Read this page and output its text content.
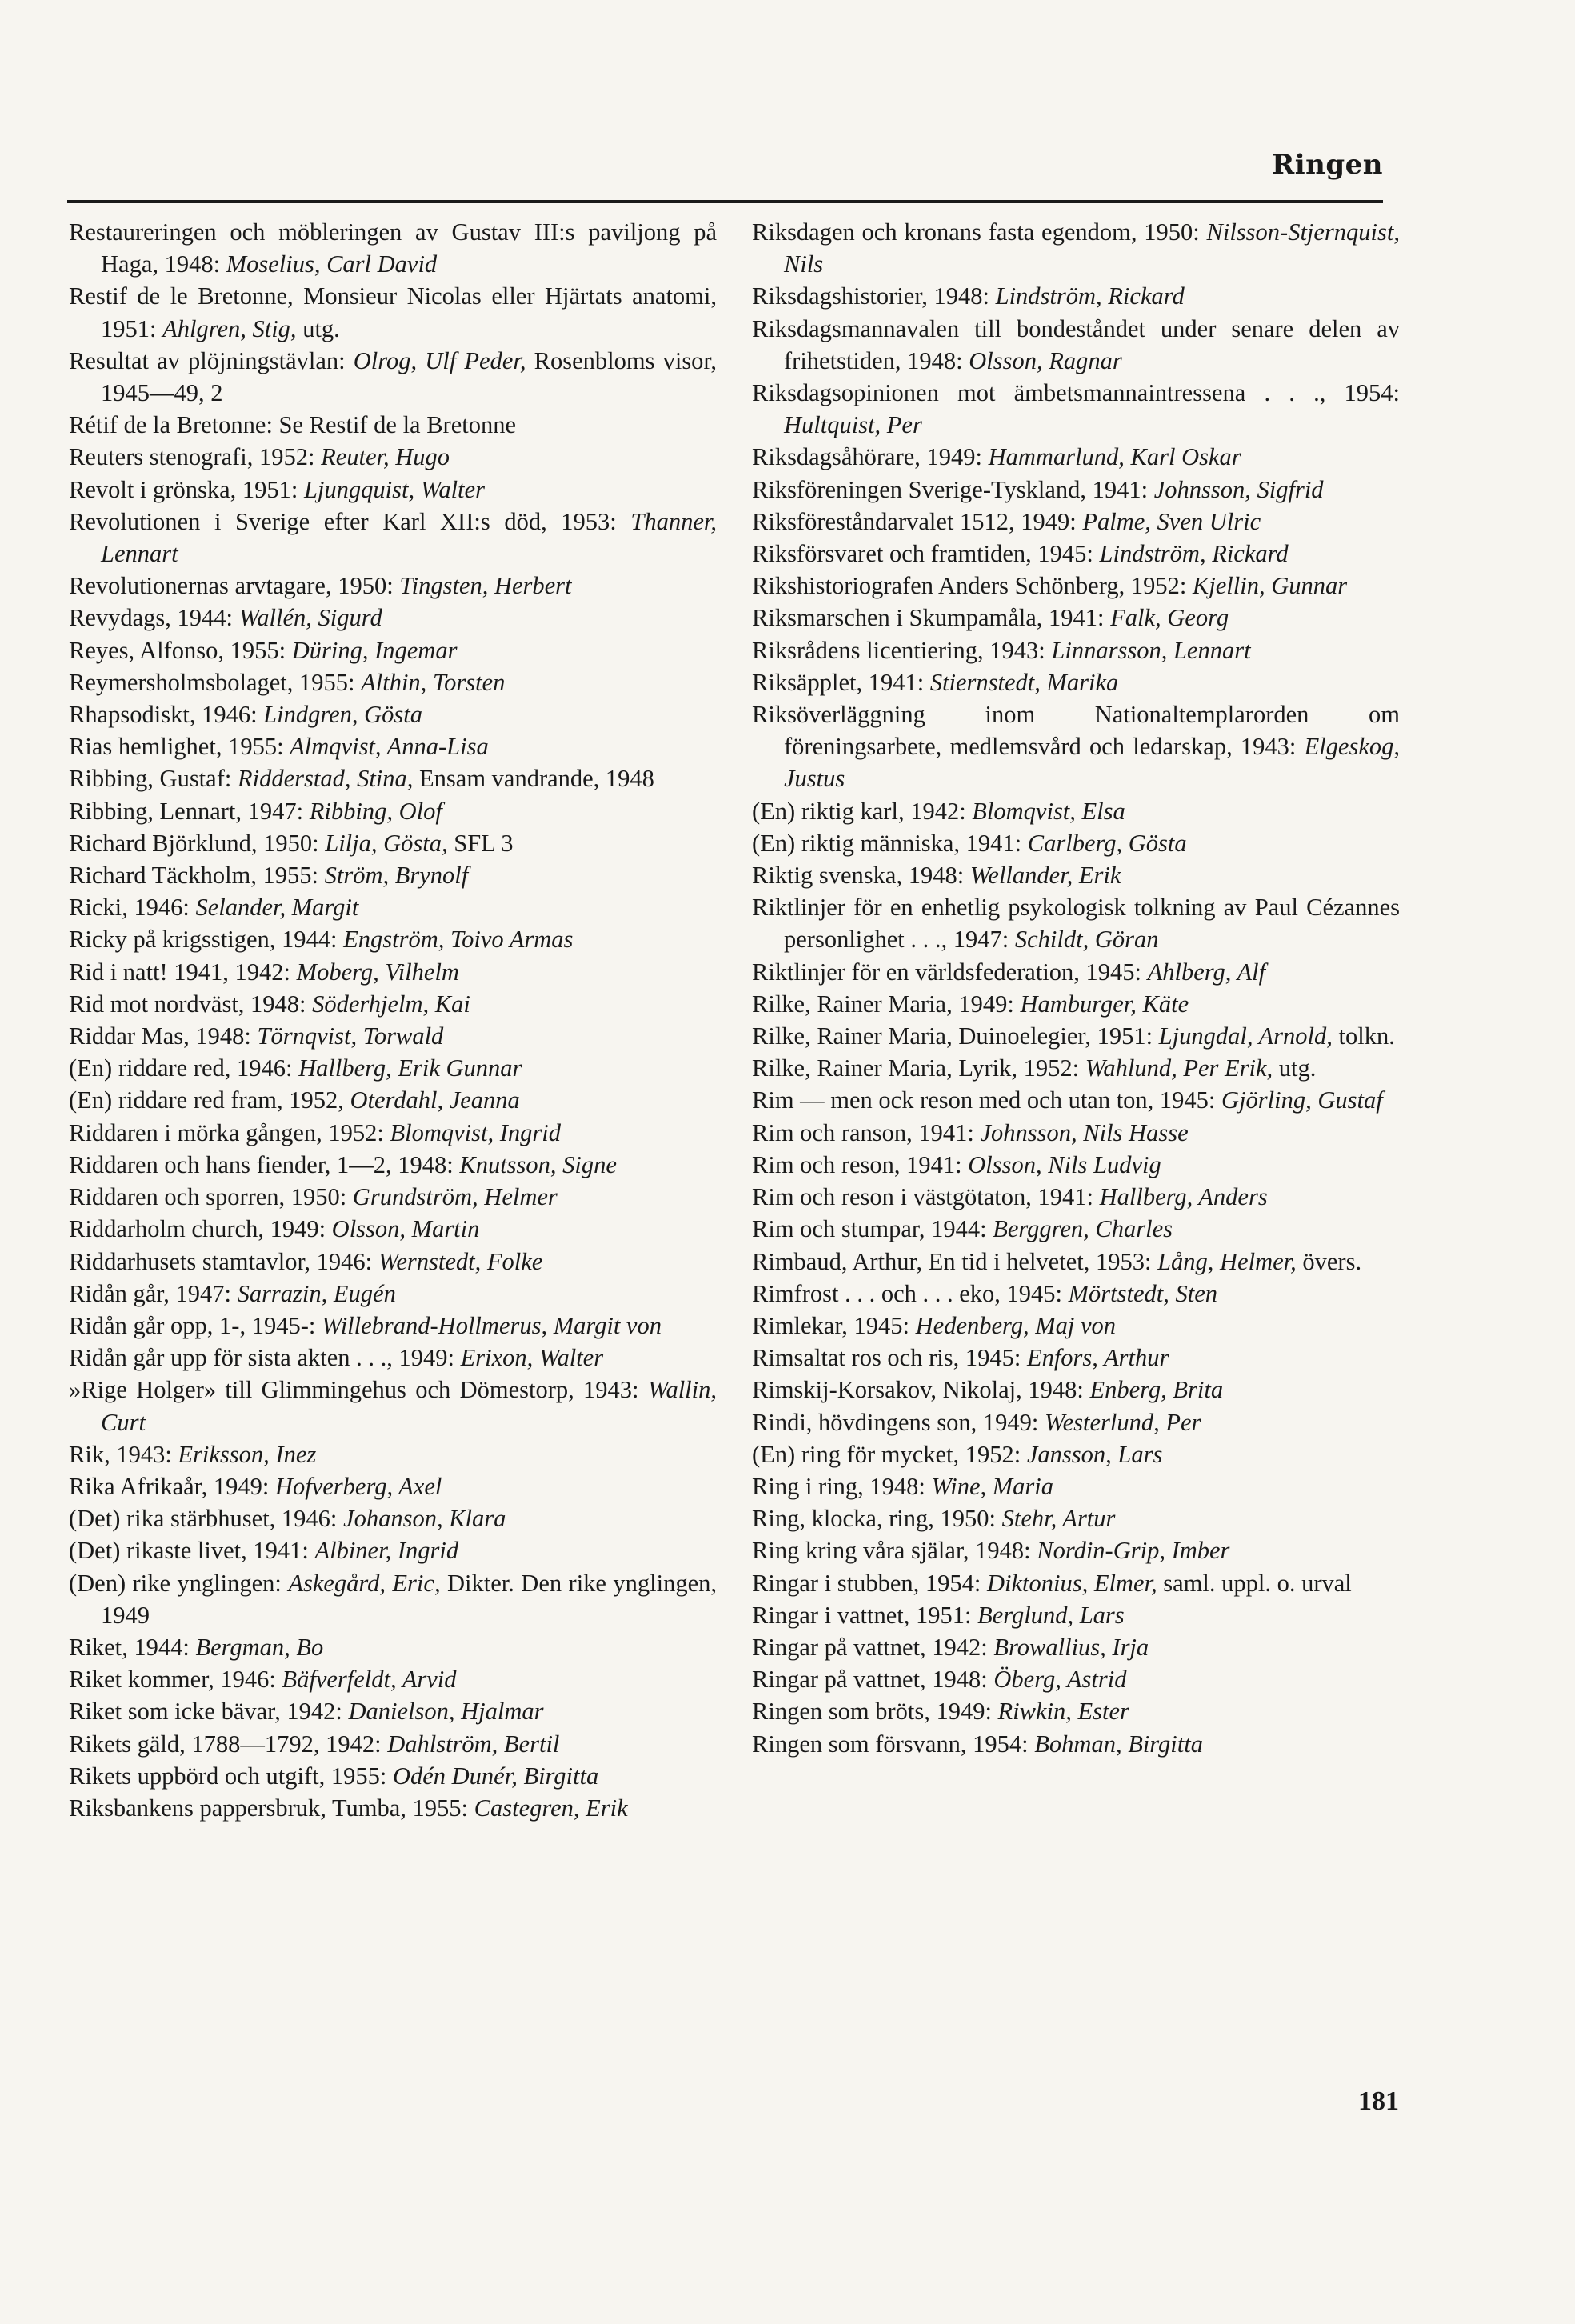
Ringen
Restaureringen och möbleringen av Gustav III:s paviljong på Haga, 1948: Moselius, Carl David
Restif de le Bretonne, Monsieur Nicolas eller Hjärtats anatomi, 1951: Ahlgren, Stig, utg.
Resultat av plöjningstävlan: Olrog, Ulf Peder, Rosenbloms visor, 1945—49, 2
Rétif de la Bretonne: Se Restif de la Bretonne
Reuters stenografi, 1952: Reuter, Hugo
Revolt i grönska, 1951: Ljungquist, Walter
Revolutionen i Sverige efter Karl XII:s död, 1953: Thanner, Lennart
Revolutionernas arvtagare, 1950: Tingsten, Herbert
Revydags, 1944: Wallén, Sigurd
Reyes, Alfonso, 1955: Düring, Ingemar
Reymersholmsbolaget, 1955: Althin, Torsten
Rhapsodiskt, 1946: Lindgren, Gösta
Rias hemlighet, 1955: Almqvist, Anna-Lisa
Ribbing, Gustaf: Ridderstad, Stina, Ensam vandrande, 1948
Ribbing, Lennart, 1947: Ribbing, Olof
Richard Björklund, 1950: Lilja, Gösta, SFL 3
Richard Täckholm, 1955: Ström, Brynolf
Ricki, 1946: Selander, Margit
Ricky på krigsstigen, 1944: Engström, Toivo Armas
Rid i natt! 1941, 1942: Moberg, Vilhelm
Rid mot nordväst, 1948: Söderhjelm, Kai
Riddar Mas, 1948: Törnqvist, Torwald
(En) riddare red, 1946: Hallberg, Erik Gunnar
(En) riddare red fram, 1952, Oterdahl, Jeanna
Riddaren i mörka gången, 1952: Blomqvist, Ingrid
Riddaren och hans fiender, 1—2, 1948: Knutsson, Signe
Riddaren och sporren, 1950: Grundström, Helmer
Riddarholm church, 1949: Olsson, Martin
Riddarhusets stamtavlor, 1946: Wernstedt, Folke
Ridån går, 1947: Sarrazin, Eugén
Ridån går opp, 1-, 1945-: Willebrand-Hollmerus, Margit von
Ridån går upp för sista akten . . ., 1949: Erixon, Walter
»Rige Holger» till Glimmingehus och Dömestorp, 1943: Wallin, Curt
Rik, 1943: Eriksson, Inez
Rika Afrikaår, 1949: Hofverberg, Axel
(Det) rika stärbhuset, 1946: Johanson, Klara
(Det) rikaste livet, 1941: Albiner, Ingrid
(Den) rike ynglingen: Askegård, Eric, Dikter. Den rike ynglingen, 1949
Riket, 1944: Bergman, Bo
Riket kommer, 1946: Bäfverfeldt, Arvid
Riket som icke bävar, 1942: Danielson, Hjalmar
Rikets gäld, 1788—1792, 1942: Dahlström, Bertil
Rikets uppbörd och utgift, 1955: Odén Dunér, Birgitta
Riksbankens pappersbruk, Tumba, 1955: Castegren, Erik
Riksdagen och kronans fasta egendom, 1950: Nilsson-Stjernquist, Nils
Riksdagshistorier, 1948: Lindström, Rickard
Riksdagsmannavalen till bondeståndet under senare delen av frihetstiden, 1948: Olsson, Ragnar
Riksdagsopinionen mot ämbetsmannaintressena . . ., 1954: Hultquist, Per
Riksdagsåhörare, 1949: Hammarlund, Karl Oskar
Riksföreningen Sverige-Tyskland, 1941: Johnsson, Sigfrid
Riksföreståndarvalet 1512, 1949: Palme, Sven Ulric
Riksförsvaret och framtiden, 1945: Lindström, Rickard
Rikshistoriografen Anders Schönberg, 1952: Kjellin, Gunnar
Riksmarschen i Skumpamåla, 1941: Falk, Georg
Riksrådens licentiering, 1943: Linnarsson, Lennart
Riksäpplet, 1941: Stiernstedt, Marika
Riksöverläggning inom Nationaltemplarorden om föreningsarbete, medlemsvård och ledarskap, 1943: Elgeskog, Justus
(En) riktig karl, 1942: Blomqvist, Elsa
(En) riktig människa, 1941: Carlberg, Gösta
Riktig svenska, 1948: Wellander, Erik
Riktlinjer för en enhetlig psykologisk tolkning av Paul Cézannes personlighet . . ., 1947: Schildt, Göran
Riktlinjer för en världsfederation, 1945: Ahlberg, Alf
Rilke, Rainer Maria, 1949: Hamburger, Käte
Rilke, Rainer Maria, Duinoelegier, 1951: Ljungdal, Arnold, tolkn.
Rilke, Rainer Maria, Lyrik, 1952: Wahlund, Per Erik, utg.
Rim — men ock reson med och utan ton, 1945: Gjörling, Gustaf
Rim och ranson, 1941: Johnsson, Nils Hasse
Rim och reson, 1941: Olsson, Nils Ludvig
Rim och reson i västgötaton, 1941: Hallberg, Anders
Rim och stumpar, 1944: Berggren, Charles
Rimbaud, Arthur, En tid i helvetet, 1953: Lång, Helmer, övers.
Rimfrost . . . och . . . eko, 1945: Mörtstedt, Sten
Rimlekar, 1945: Hedenberg, Maj von
Rimsaltat ros och ris, 1945: Enfors, Arthur
Rimskij-Korsakov, Nikolaj, 1948: Enberg, Brita
Rindi, hövdingens son, 1949: Westerlund, Per
(En) ring för mycket, 1952: Jansson, Lars
Ring i ring, 1948: Wine, Maria
Ring, klocka, ring, 1950: Stehr, Artur
Ring kring våra själar, 1948: Nordin-Grip, Imber
Ringar i stubben, 1954: Diktonius, Elmer, saml. uppl. o. urval
Ringar i vattnet, 1951: Berglund, Lars
Ringar på vattnet, 1942: Browallius, Irja
Ringar på vattnet, 1948: Öberg, Astrid
Ringen som bröts, 1949: Riwkin, Ester
Ringen som försvann, 1954: Bohman, Birgitta
181
